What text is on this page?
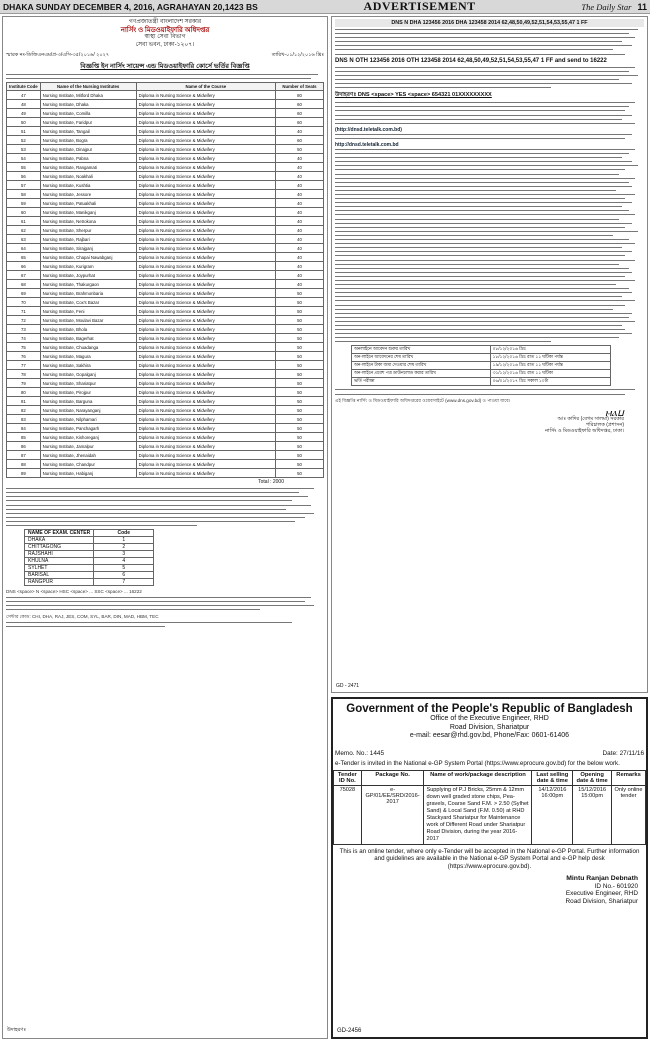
DHAKA SUNDAY DECEMBER 4, 2016, AGRAHAYAN 20,1423 BS	ADVERTISEMENT	The Daily Star 11
গণপ্রজাতন্ত্রী বাংলাদেশ সরকার
নার্সিং ও মিডওয়াইফারি অধিদপ্তর
স্বাস্থ্য সেবা বিভাগ
সেবা ভবন, ঢাকা-১২০৭।
স্মারক নং-ডিজিএনএম/প্র-৩/এসি-৩৫/২০১৬/ ২০২৭	তারিখ-০১/১২/২০১৬ খ্রিঃ
বিজ্ঞপ্তি ইন নার্সিং সায়েন্স এন্ড মিডওয়াইফারি কোর্সে ভর্তির বিজ্ঞপ্তি
Institute Code	Name of the Nursing Institutes	Name of the Course	Number of Seats
47	Nursing Institute, Mitford Dhaka	Diploma in Nursing Science & Midwifery	80
48	Nursing Institute, Dhaka	Diploma in Nursing Science & Midwifery	60
49	Nursing Institute, Comilla	Diploma in Nursing Science & Midwifery	60
50	Nursing Institute, Faridpur	Diploma in Nursing Science & Midwifery	60
51	Nursing Institute, Tangail	Diploma in Nursing Science & Midwifery	40
52	Nursing Institute, Bogra	Diploma in Nursing Science & Midwifery	60
53	Nursing Institute, Dinajpur	Diploma in Nursing Science & Midwifery	50
54	Nursing Institute, Pabna	Diploma in Nursing Science & Midwifery	40
55	Nursing Institute, Rangamati	Diploma in Nursing Science & Midwifery	40
56	Nursing Institute, Noakhali	Diploma in Nursing Science & Midwifery	40
57	Nursing Institute, Kushtia	Diploma in Nursing Science & Midwifery	40
58	Nursing Institute, Jessore	Diploma in Nursing Science & Midwifery	40
59	Nursing Institute, Patuakhali	Diploma in Nursing Science & Midwifery	40
60	Nursing Institute, Manikganj	Diploma in Nursing Science & Midwifery	40
61	Nursing Institute, Netrokona	Diploma in Nursing Science & Midwifery	40
62	Nursing Institute, Sherpur	Diploma in Nursing Science & Midwifery	40
63	Nursing Institute, Rajbari	Diploma in Nursing Science & Midwifery	40
64	Nursing Institute, Sirajganj	Diploma in Nursing Science & Midwifery	40
65	Nursing Institute, Chapai Nawabganj	Diploma in Nursing Science & Midwifery	40
66	Nursing Institute, Kurigram	Diploma in Nursing Science & Midwifery	40
67	Nursing Institute, Joypurhat	Diploma in Nursing Science & Midwifery	40
68	Nursing Institute, Thakurgaon	Diploma in Nursing Science & Midwifery	40
69	Nursing Institute, Brahmonbaria	Diploma in Nursing Science & Midwifery	50
70	Nursing Institute, Cox's Bazar	Diploma in Nursing Science & Midwifery	50
71	Nursing Institute, Feni	Diploma in Nursing Science & Midwifery	50
72	Nursing Institute, Moulavi Bazar	Diploma in Nursing Science & Midwifery	50
73	Nursing Institute, Bhola	Diploma in Nursing Science & Midwifery	50
74	Nursing Institute, Bagerhat	Diploma in Nursing Science & Midwifery	50
75	Nursing Institute, Chuadanga	Diploma in Nursing Science & Midwifery	50
76	Nursing Institute, Magura	Diploma in Nursing Science & Midwifery	50
77	Nursing Institute, Sakhira	Diploma in Nursing Science & Midwifery	50
78	Nursing Institute, Gopalganj	Diploma in Nursing Science & Midwifery	50
79	Nursing Institute, Shariatpur	Diploma in Nursing Science & Midwifery	50
80	Nursing Institute, Pirojpur	Diploma in Nursing Science & Midwifery	50
81	Nursing Institute, Barguna	Diploma in Nursing Science & Midwifery	50
82	Nursing Institute, Narayanganj	Diploma in Nursing Science & Midwifery	50
83	Nursing Institute, Nilphamari	Diploma in Nursing Science & Midwifery	50
84	Nursing Institute, Panchagarh	Diploma in Nursing Science & Midwifery	50
85	Nursing Institute, Kishoreganj	Diploma in Nursing Science & Midwifery	50
86	Nursing Institute, Jamalpur	Diploma in Nursing Science & Midwifery	50
87	Nursing Institute, Jhenaidah	Diploma in Nursing Science & Midwifery	50
88	Nursing Institute, Chandpur	Diploma in Nursing Science & Midwifery	50
89	Nursing Institute, Habiganj	Diploma in Nursing Science & Midwifery	50
Total : 2000
NAME OF EXAM. CENTER	Code
DHAKA	1
CHITTAGONG	2
RAJSHAHI	3
KHULNA	4
SYLHET	5
BARISAL	6
RANGPUR	7
DNS <space> N <space> HSC <space> ... SSC <space> ... 16222
সেন্টার কোড: CHI, DHA, RAJ, JES, COM, SYL, BAR, DIN, MAD, HBM, TEC
উদাহরণঃ
DNS N DHA 123456 2016 DHA 123458 2014 62,48,50,49,52,51,54,53,55,47 1 FF
DNS N OTH 123456 2016 OTH 123458 2014 62,48,50,49,52,51,54,53,55,47 1 FF and send to 16222
উদাহরণঃ DNS <space> YES <space> 654321 01XXXXXXXXX
(http://dnsd.teletalk.com.bd)
http://dnsd.teletalk.com.bd
অনলাইনে আবেদন শুরুর তারিখ	০৮/১২/২০১৬ খ্রিঃ
অন-লাইনে আবেদনের শেষ তারিখ	১৮/১২/২০১৬ খ্রিঃ রাত ১১ ঘটিকা পর্যন্ত
অন-লাইনে টাকা জমা দেওয়ার শেষ তারিখ	১৯/১২/২০১৬ খ্রিঃ রাত ১১ ঘটিকা পর্যন্ত
অন-লাইনে প্রবেশ পত্র ডাউনলোড করার তারিখ	৩১/১২/২০১৬ খ্রিঃ রাত ১১ ঘটিকা
ভর্তি পরীক্ষা	০৬/০১/২০১৭ খ্রিঃ সকাল ১০টা
এই বিজ্ঞপ্তি নার্সিং ও মিডওয়াইফারি অধিদপ্তরের ওয়েবসাইটে (www.dns.gov.bd) ও পাওয়া যাবে।
ⲙⲁⳙ
আঃ কাদির (বেগম সালমা) সরকার
পরিচালক (প্রশাসন)
নার্সিং ও মিডওয়াইফারি অধিদপ্তর, ঢাকা।
GD - 2471
Government of the People's Republic of Bangladesh
Office of the Executive Engineer, RHD
Road Division, Shariatpur
e-mail: eesar@rhd.gov.bd, Phone/Fax: 0601-61406
Memo. No.: 1445	Date: 27/11/16
e-Tender is invited in the National e-GP System Portal (https://www.eprocure.gov.bd) for the below work.
Tender ID No.	Package No.	Name of work/package description	Last selling date & time	Opening date & time	Remarks
75028	e-GP/01/EE/SRD/2016-2017	Supplying of P.J Bricks, 25mm & 12mm down well graded stone chips, Pea-gravels, Coarse Sand F.M. > 2.50 (Sylhet Sand) & Local Sand (F.M. 0.50) at RHD Stackyard Shariatpur for Maintenance work of Different Road under Shariatpur Road Division, during the year 2016-2017	14/12/2016 16:00pm	15/12/2016 15:00pm	Only online tender
This is an online tender, where only e-Tender will be accepted in the National e-GP Portal. Further information and guidelines are available in the National e-GP System Portal and e-GP help desk (https://www.eprocure.gov.bd).
Mintu Ranjan Debnath
ID No.- 601920
Executive Engineer, RHD
Road Division, Shariatpur
GD-2456
